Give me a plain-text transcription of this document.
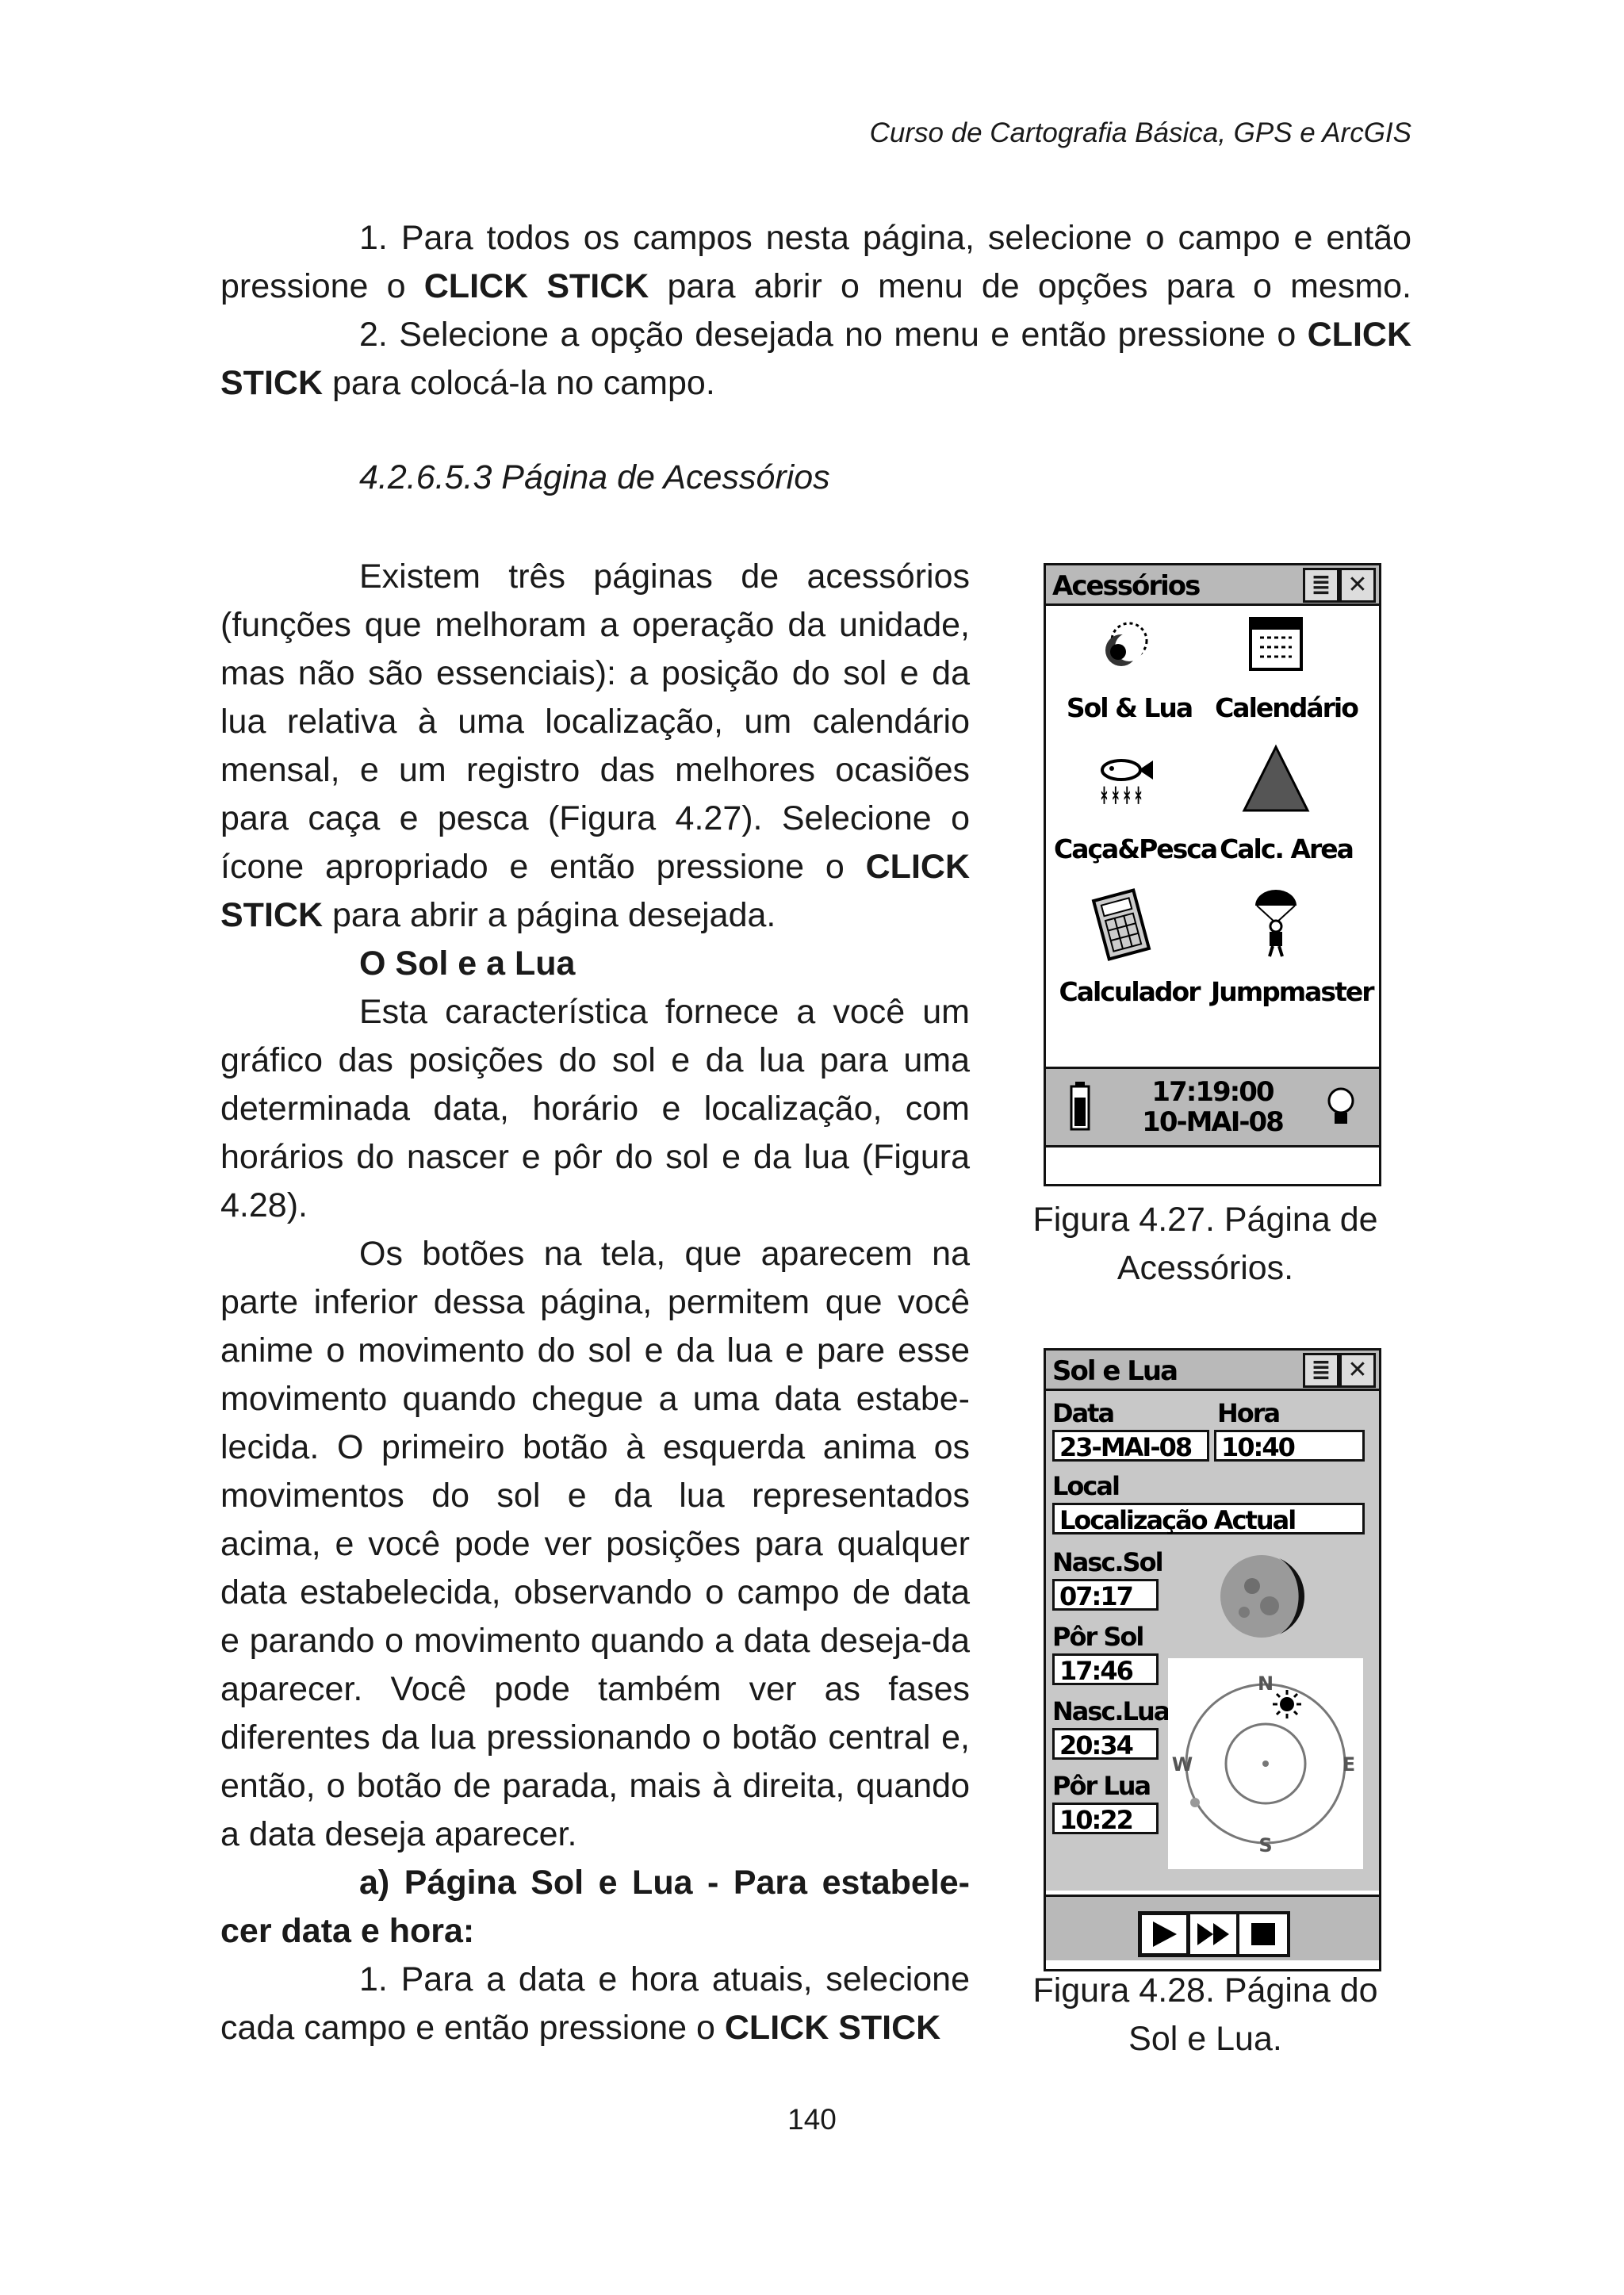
Curso de Cartografia Básica, GPS e ArcGIS

1. Para todos os campos nesta página, selecione o campo e então pressione o CLICK STICK para abrir o menu de opções para o mesmo.

2. Selecione a opção desejada no menu e então pressione o CLICK STICK para colocá-la no campo.

4.2.6.5.3 Página de Acessórios

Existem três páginas de acessórios (funções que melhoram a operação da unidade, mas não são essenciais): a posição do sol e da lua relativa à uma localização, um calendário mensal, e um registro das melhores ocasiões para caça e pesca (Figura 4.27). Selecione o ícone apropriado e então pressione o CLICK STICK para abrir a página desejada.

O Sol e a Lua

Esta característica fornece a você um gráfico das posições do sol e da lua para uma determinada data, horário e localização, com horários do nascer e pôr do sol e da lua (Figura 4.28).

Os botões na tela, que aparecem na parte inferior dessa página, permitem que você anime o movimento do sol e da lua e pare esse movimento quando chegue a uma data estabe-lecida. O primeiro botão à esquerda anima os movimentos do sol e da lua representados acima, e você pode ver posições para qualquer data estabelecida, observando o campo de data e parando o movimento quando a data deseja-da aparecer. Você pode também ver as fases diferentes da lua pressionando o botão central e, então, o botão de parada, mais à direita, quando a data deseja aparecer.

a) Página Sol e Lua - Para estabele-cer data e hora:

1. Para a data e hora atuais, selecione cada campo e então pressione o CLICK STICK

Acessórios	≣ ✕
ᚼᚼᚼᚼ
Sol & Lua Calendário
Caça&Pesca Calc. Area
Calculador Jumpmaster
17:19:00
10-MAI-08
Figura 4.27. Página de Acessórios.
Sol e Lua	≣ ✕
Data	Hora
23-MAI-08	10:40
Local
Localização Actual
Nasc.Sol
07:17
Pôr Sol
17:46
Nasc.Lua
20:34
Pôr Lua
10:22
N
S
E
W
Figura 4.28. Página do Sol e Lua.
140
